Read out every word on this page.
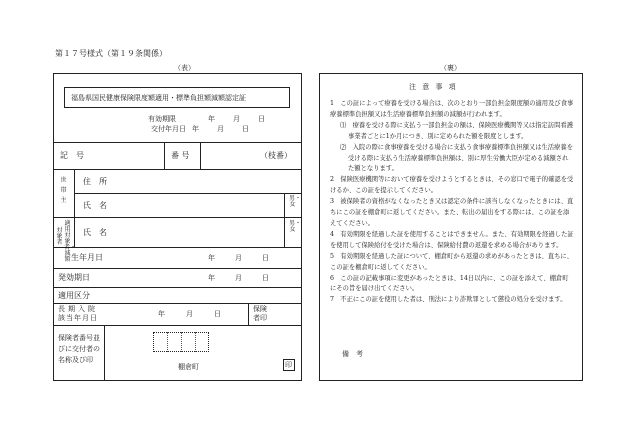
第１７号様式（第１９条関係）
（表）	（裏）
福島県国民健康保険限度額適用・標準負担額減額認定証
有効期限	年	月	日
交付年月日 年	月	日
記　号	番 号	（枝番）
世帯主
住　所
氏　名
男・女
適用対象者・減額
対象者
氏　名
男・女
生年月日	年	月	日
発効期日	年	月	日
適用区分
長期入院
該当年月日	年	月	日
保険者印
保険者番号並びに交付者の名称及び印
棚倉町	印
注 意 事 項

1　この証によって療養を受ける場合は、次のとおり一部負担金限度額の適用及び食事療養標準負担額又は生活療養標準負担額の減額が行われます。

⑴　療養を受ける際に支払う一部負担金の額は、保険医療機関等又は指定訪問看護事業者ごとに1か月につき、別に定められた額を限度とします。

⑵　入院の際に食事療養を受ける場合に支払う食事療養標準負担額又は生活療養を受ける際に支払う生活療養標準負担額は、別に厚生労働大臣が定める減額された額となります。

2　保険医療機関等において療養を受けようとするときは、その窓口で電子的確認を受けるか、この証を提示してください。

3　被保険者の資格がなくなったとき又は認定の条件に該当しなくなったときには、直ちにこの証を棚倉町に返してください。また、転出の届出をする際には、この証を添えてください。

4　有効期限を経過した証を使用することはできません。また、有効期限を経過した証を使用して保険給付を受けた場合は、保険給付費の返還を求める場合があります。

5　有効期限を経過した証について、棚倉町から返還の求めがあったときは、直ちに、この証を棚倉町に返してください。

6　この証の記載事項に変更があったときは、14日以内に、この証を添えて、棚倉町にその旨を届け出てください。

7　不正にこの証を使用した者は、刑法により詐欺罪として懲役の処分を受けます。

備　考
